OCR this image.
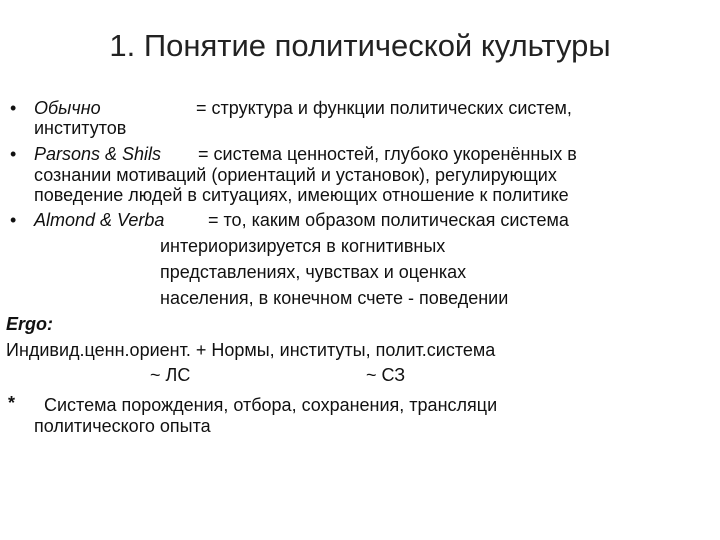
1. Понятие политической культуры
• Обычно	= структура и функции политических систем,
институтов
• Parsons & Shils = система ценностей, глубоко укоренённых в
сознании мотиваций (ориентаций и установок), регулирующих
поведение людей в ситуациях, имеющих отношение к политике
• Almond & Verba = то, каким образом политическая система
интериоризируется в когнитивных
представлениях, чувствах и оценках
населения, в конечном счете - поведении
Ergo:
Индивид.ценн.ориент. + Нормы, институты, полит.система
~ ЛС	~ СЗ
* Система порождения, отбора, сохранения, трансляци
политического опыта
